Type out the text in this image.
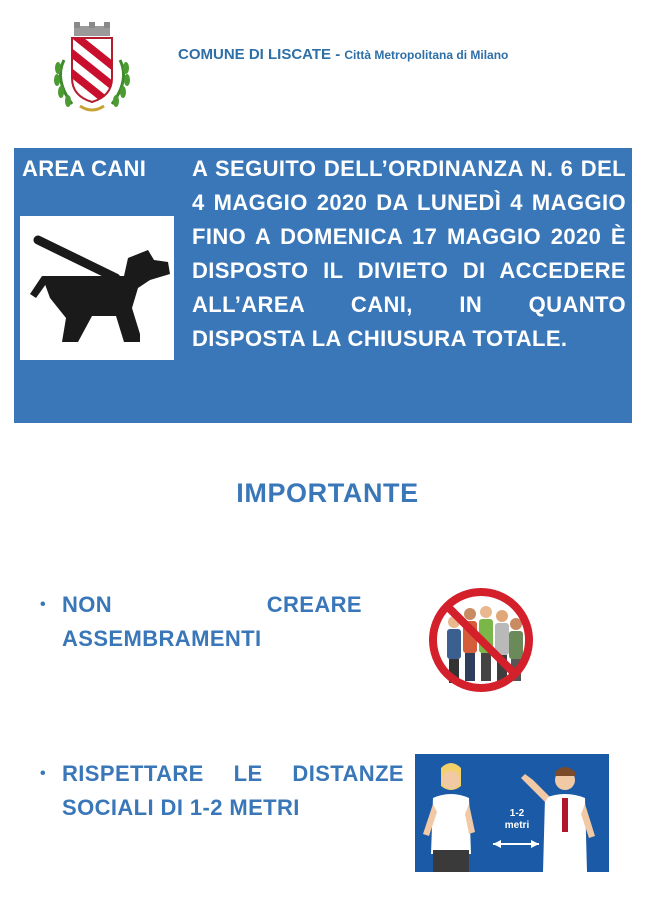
COMUNE DI LISCATE - Città Metropolitana di Milano
AREA CANI A SEGUITO DELL’ORDINANZA N. 6 DEL 4 MAGGIO 2020 DA LUNEDÌ 4 MAGGIO FINO A DOMENICA 17 MAGGIO 2020 È DISPOSTO IL DIVIETO DI ACCEDERE ALL’AREA CANI, IN QUANTO DISPOSTA LA CHIUSURA TOTALE.
IMPORTANTE
• NON CREARE ASSEMBRAMENTI
• RISPETTARE LE DISTANZE
SOCIALI DI 1-2 METRI	1-2
metri
